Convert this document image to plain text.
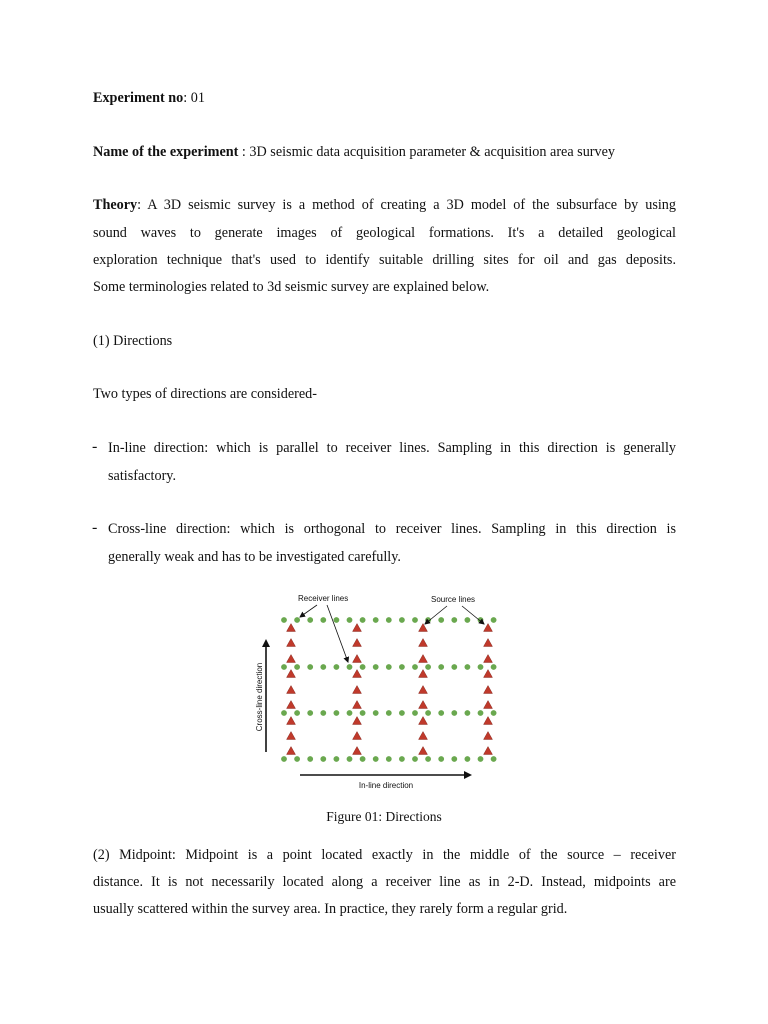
Experiment no: 01
Name of the experiment : 3D seismic data acquisition parameter & acquisition area survey
Theory: A 3D seismic survey is a method of creating a 3D model of the subsurface by using
sound waves to generate images of geological formations. It's a detailed geological
exploration technique that's used to identify suitable drilling sites for oil and gas deposits.
Some terminologies related to 3d seismic survey are explained below.
(1) Directions
Two types of directions are considered-
- In-line direction: which is parallel to receiver lines. Sampling in this direction is generally
satisfactory.
- Cross-line direction: which is orthogonal to receiver lines. Sampling in this direction is
generally weak and has to be investigated carefully.
Receiver lines	Source lines
Cross-line direction
In-line direction
Figure 01: Directions
(2) Midpoint: Midpoint is a point located exactly in the middle of the source – receiver
distance. It is not necessarily located along a receiver line as in 2-D. Instead, midpoints are
usually scattered within the survey area. In practice, they rarely form a regular grid.
